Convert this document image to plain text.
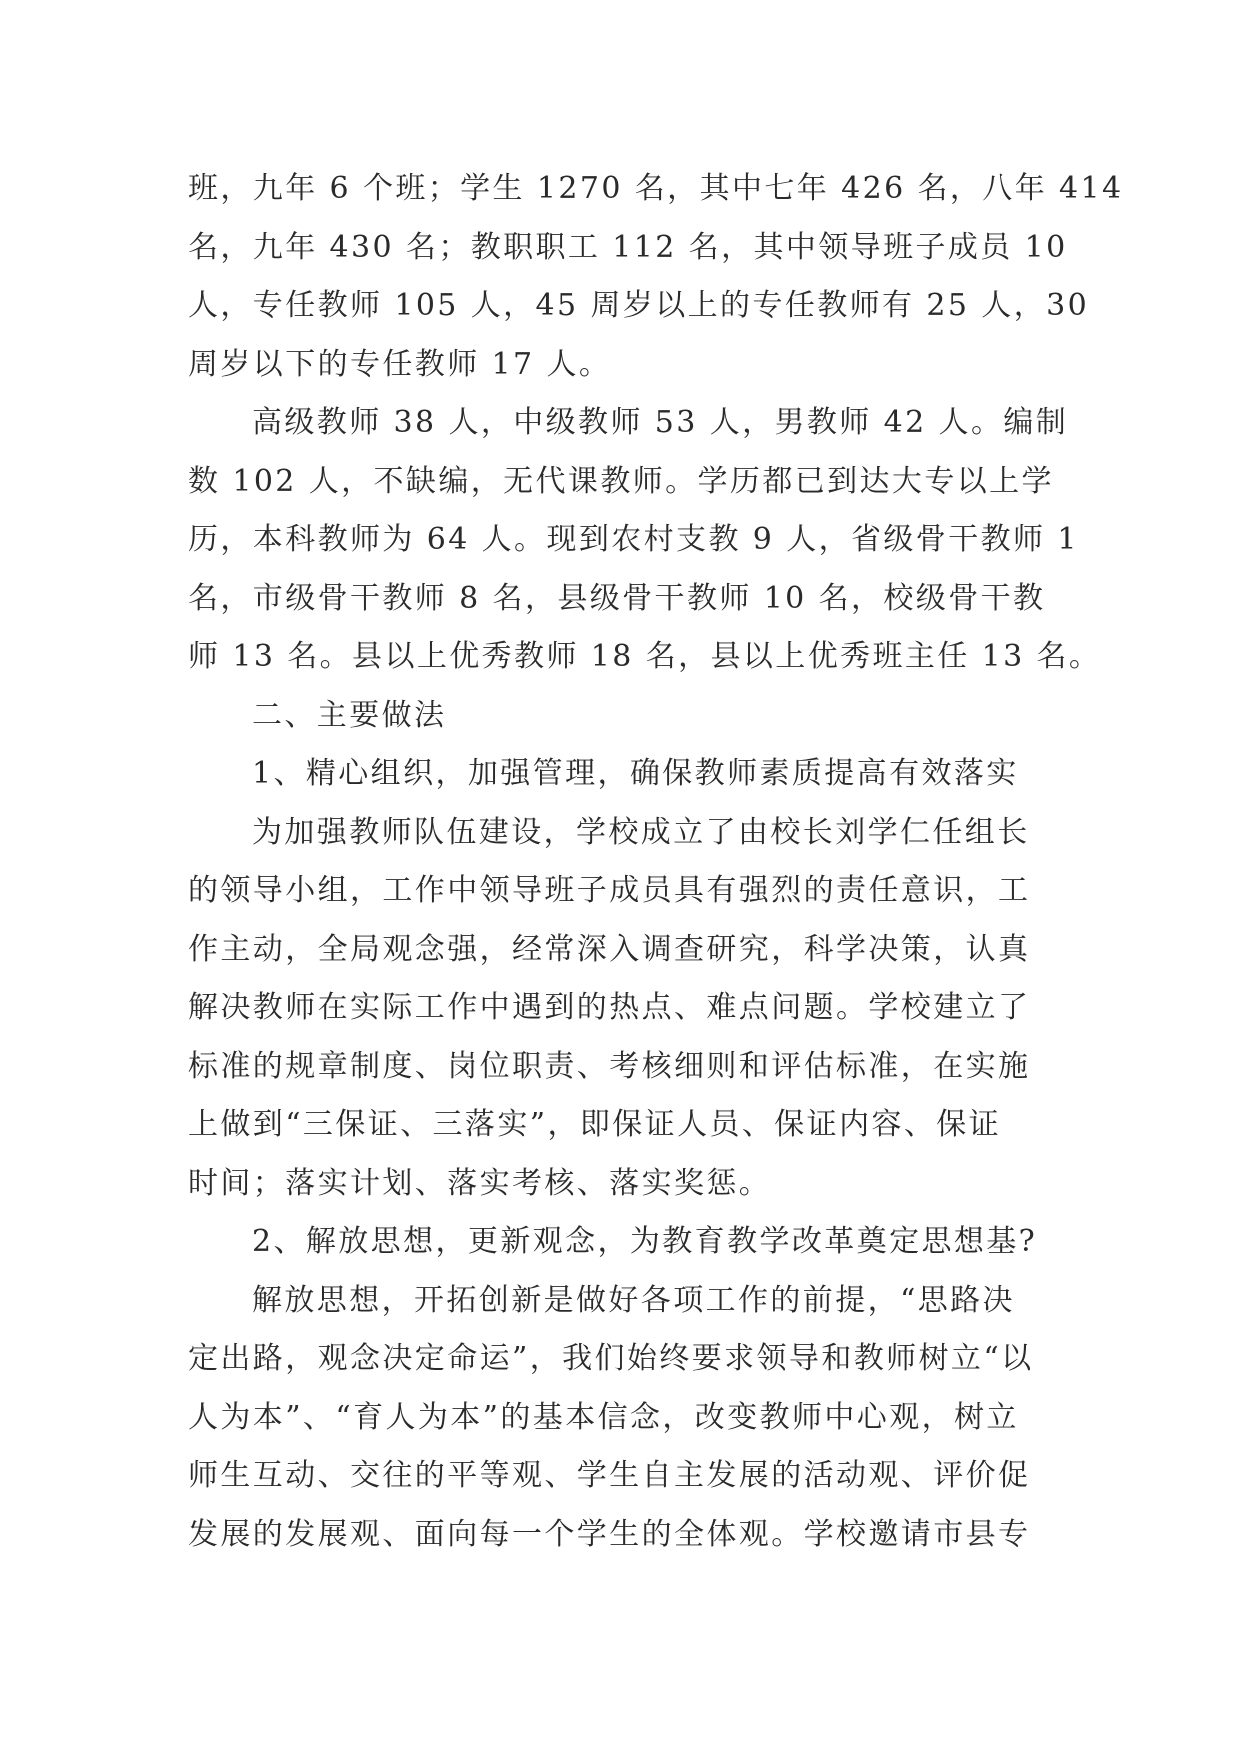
班，九年 6 个班；学生 1270 名，其中七年 426 名，八年 414
名，九年 430 名；教职职工 112 名，其中领导班子成员 10
人，专任教师 105 人，45 周岁以上的专任教师有 25 人，30
周岁以下的专任教师 17 人。
高级教师 38 人，中级教师 53 人，男教师 42 人。编制
数 102 人，不缺编，无代课教师。学历都已到达大专以上学
历，本科教师为 64 人。现到农村支教 9 人，省级骨干教师 1
名，市级骨干教师 8 名，县级骨干教师 10 名，校级骨干教
师 13 名。县以上优秀教师 18 名，县以上优秀班主任 13 名。
二、主要做法
1、精心组织，加强管理，确保教师素质提高有效落实
为加强教师队伍建设，学校成立了由校长刘学仁任组长
的领导小组，工作中领导班子成员具有强烈的责任意识，工
作主动，全局观念强，经常深入调查研究，科学决策，认真
解决教师在实际工作中遇到的热点、难点问题。学校建立了
标准的规章制度、岗位职责、考核细则和评估标准，在实施
上做到“三保证、三落实”，即保证人员、保证内容、保证
时间；落实计划、落实考核、落实奖惩。
2、解放思想，更新观念，为教育教学改革奠定思想基?
解放思想，开拓创新是做好各项工作的前提，“思路决
定出路，观念决定命运”，我们始终要求领导和教师树立“以
人为本”、“育人为本”的基本信念，改变教师中心观，树立
师生互动、交往的平等观、学生自主发展的活动观、评价促
发展的发展观、面向每一个学生的全体观。学校邀请市县专
